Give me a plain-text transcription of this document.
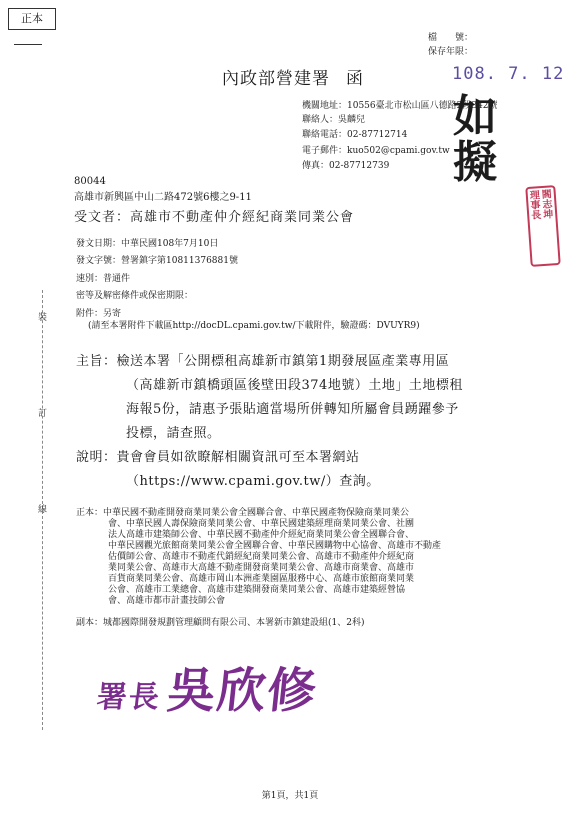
正本
檔　　號：
保存年限：
內政部營建署 函	108. 7. 12
機關地址：10556臺北市松山區八德路2段342號
聯絡人：吳麟兒
聯絡電話：02-87712714
電子郵件：kuo502@cpami.gov.tw
傳真：02-87712739
如
擬
理事長
閻志坤
80044
高雄市新興區中山二路472號6樓之9-11
受文者：高雄市不動產仲介經紀商業同業公會
發文日期：中華民國108年7月10日
發文字號：營署鎮字第10811376881號
速別：普通件
密等及解密條件或保密期限：
附件：另寄
(請至本署附件下載區http://docDL.cpami.gov.tw/下載附件，驗證碼：DVUYR9)
裝
訂
線
主旨：檢送本署「公開標租高雄新市鎮第1期發展區產業專用區
（高雄新市鎮橋頭區後壁田段374地號）土地」土地標租
海報5份，請惠予張貼適當場所併轉知所屬會員踴躍參予
投標，請查照。
說明：貴會會員如欲瞭解相關資訊可至本署網站
（https://www.cpami.gov.tw/）查詢。
正本：中華民國不動產開發商業同業公會全國聯合會、中華民國產物保險商業同業公
會、中華民國人壽保險商業同業公會、中華民國建築經理商業同業公會、社團
法人高雄市建築師公會、中華民國不動產仲介經紀商業同業公會全國聯合會、
中華民國觀光旅館商業同業公會全國聯合會、中華民國購物中心協會、高雄市不動產
估價師公會、高雄市不動產代銷經紀商業同業公會、高雄市不動產仲介經紀商
業同業公會、高雄市大高雄不動產開發商業同業公會、高雄市商業會、高雄市
百貨商業同業公會、高雄市岡山本洲產業園區服務中心、高雄市旅館商業同業
公會、高雄市工業總會、高雄市建築開發商業同業公會、高雄市建築經營協
會、高雄市都市計畫技師公會
副本：城都國際開發規劃管理顧問有限公司、本署新市鎮建設組(1、2科)
署長吳欣修
第1頁，共1頁
